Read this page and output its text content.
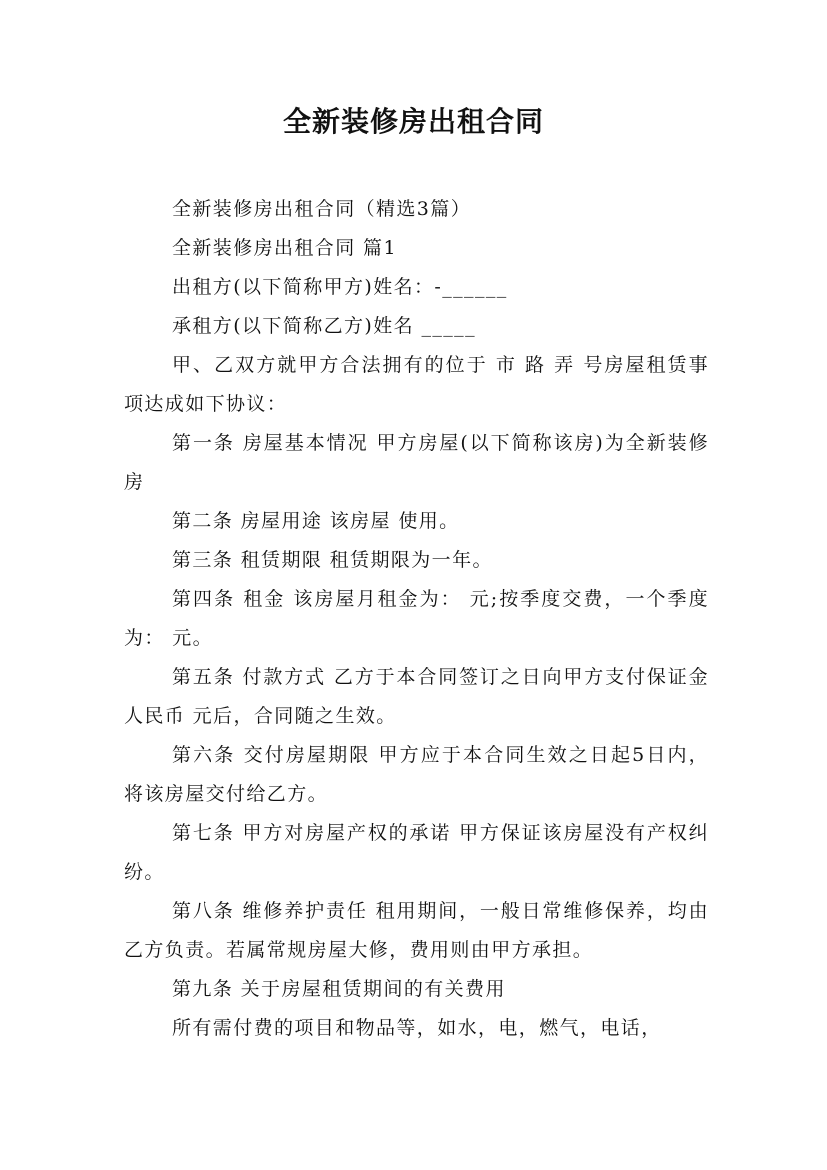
全新装修房出租合同

全新装修房出租合同（精选3篇）

全新装修房出租合同 篇1

出租方(以下简称甲方)姓名：-______

承租方(以下简称乙方)姓名 _____

甲、乙双方就甲方合法拥有的位于 市 路 弄 号房屋租赁事项达成如下协议：

第一条 房屋基本情况 甲方房屋(以下简称该房)为全新装修房

第二条 房屋用途 该房屋 使用。

第三条 租赁期限 租赁期限为一年。

第四条 租金 该房屋月租金为： 元;按季度交费，一个季度为： 元。

第五条 付款方式 乙方于本合同签订之日向甲方支付保证金人民币 元后，合同随之生效。

第六条 交付房屋期限 甲方应于本合同生效之日起5日内，将该房屋交付给乙方。

第七条 甲方对房屋产权的承诺 甲方保证该房屋没有产权纠纷。

第八条 维修养护责任 租用期间，一般日常维修保养，均由乙方负责。若属常规房屋大修，费用则由甲方承担。

第九条 关于房屋租赁期间的有关费用

所有需付费的项目和物品等，如水，电，燃气，电话，
